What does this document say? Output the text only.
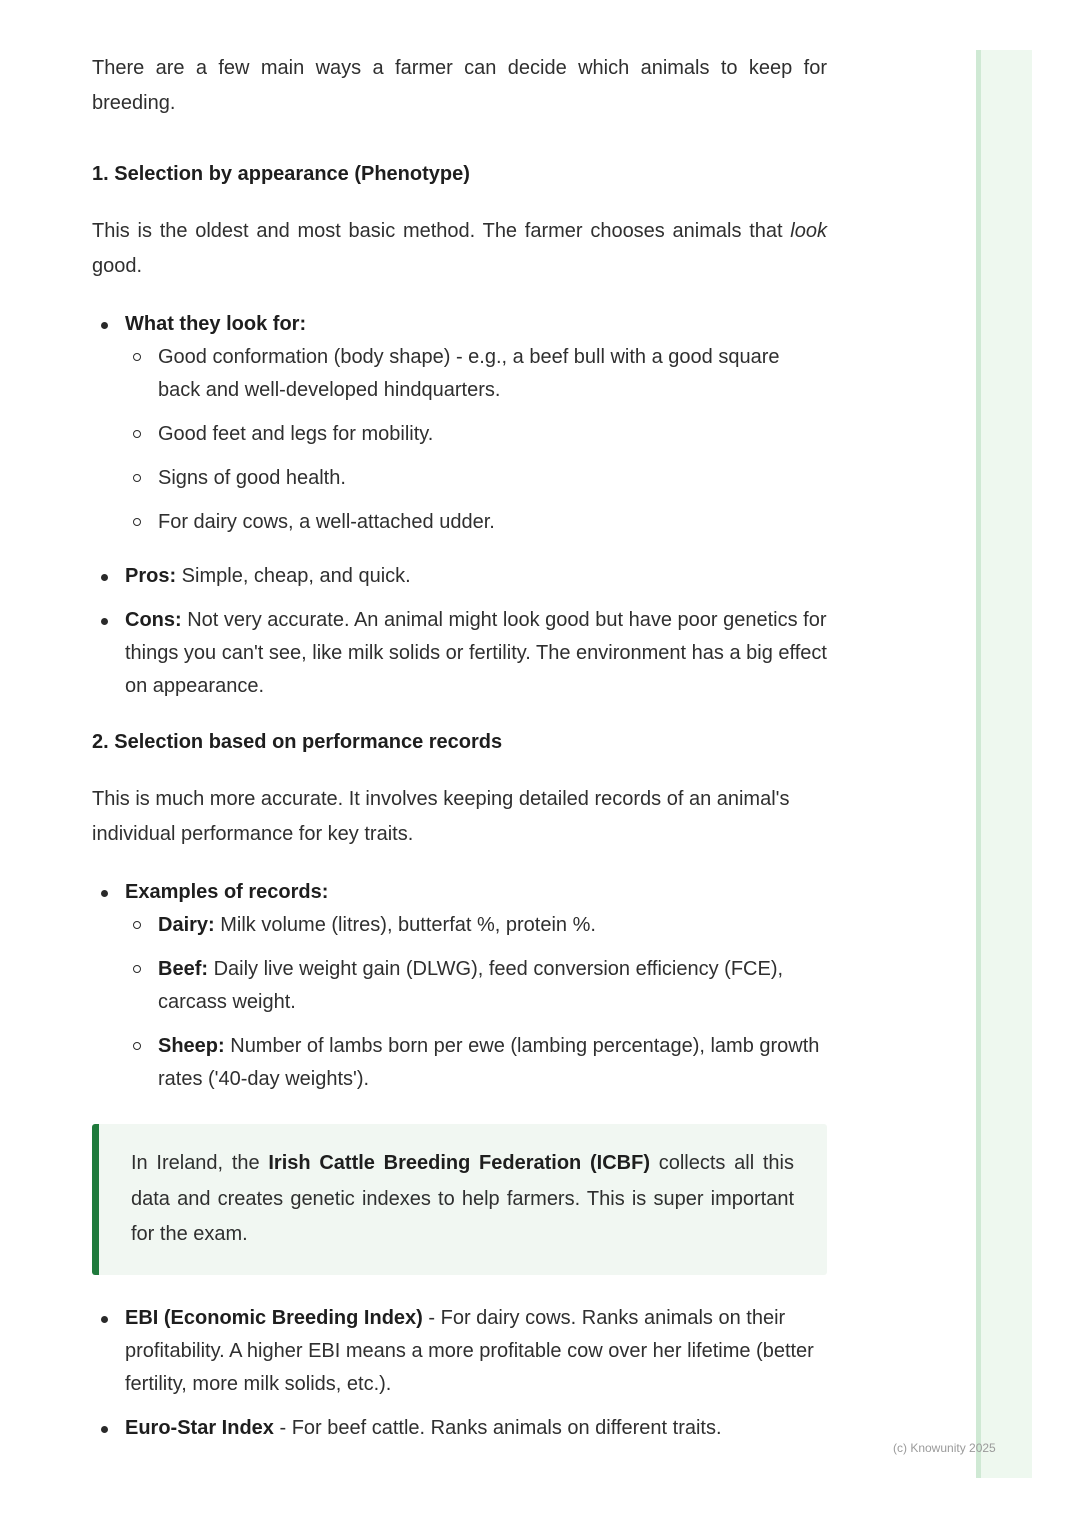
There are a few main ways a farmer can decide which animals to keep for breeding.

1. Selection by appearance (Phenotype)

This is the oldest and most basic method. The farmer chooses animals that look good.

What they look for:
Good conformation (body shape) - e.g., a beef bull with a good square back and well-developed hindquarters.
Good feet and legs for mobility.
Signs of good health.
For dairy cows, a well-attached udder.
Pros: Simple, cheap, and quick.
Cons: Not very accurate. An animal might look good but have poor genetics for things you can't see, like milk solids or fertility. The environment has a big effect on appearance.
2. Selection based on performance records

This is much more accurate. It involves keeping detailed records of an animal's individual performance for key traits.

Examples of records:
Dairy: Milk volume (litres), butterfat %, protein %.
Beef: Daily live weight gain (DLWG), feed conversion efficiency (FCE), carcass weight.
Sheep: Number of lambs born per ewe (lambing percentage), lamb growth rates ('40-day weights').

In Ireland, the Irish Cattle Breeding Federation (ICBF) collects all this data and creates genetic indexes to help farmers. This is super important for the exam.

EBI (Economic Breeding Index) - For dairy cows. Ranks animals on their profitability. A higher EBI means a more profitable cow over her lifetime (better fertility, more milk solids, etc.).
Euro-Star Index - For beef cattle. Ranks animals on different traits.
(c) Knowunity 2025
